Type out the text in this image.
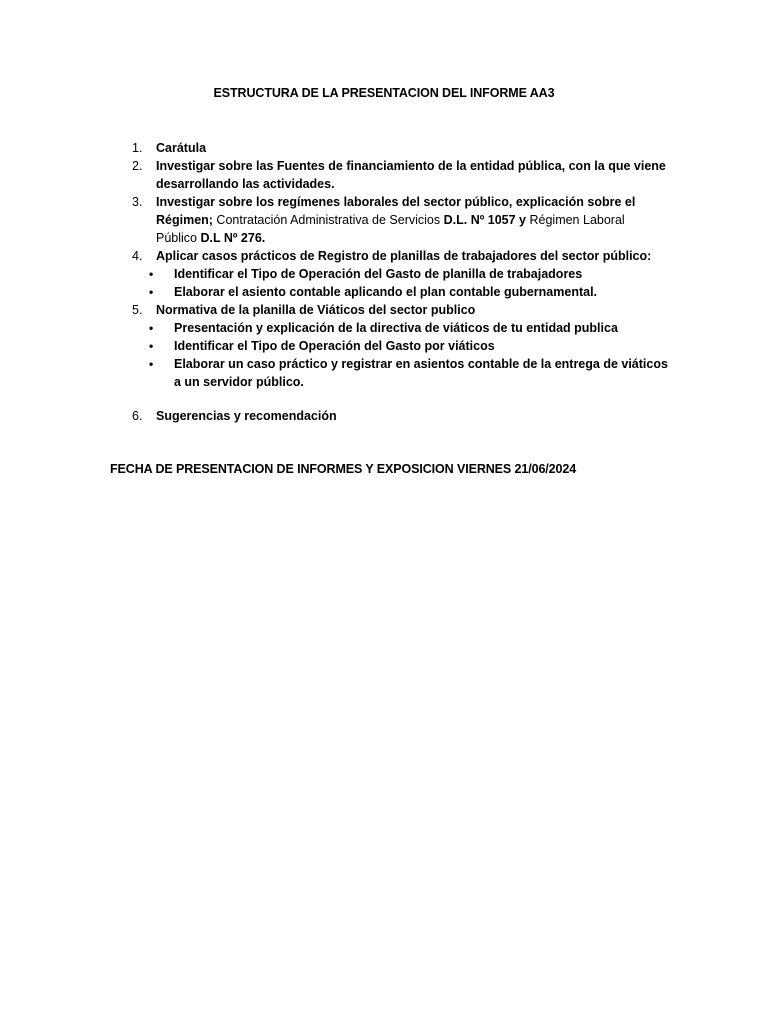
ESTRUCTURA DE LA PRESENTACION DEL INFORME AA3
1. Carátula
2. Investigar sobre las Fuentes de financiamiento de la entidad pública, con la que viene desarrollando las actividades.
3. Investigar sobre los regímenes laborales del sector público, explicación sobre el Régimen; Contratación Administrativa de Servicios D.L. Nº 1057 y Régimen Laboral Público D.L Nº 276.
4. Aplicar casos prácticos de Registro de planillas de trabajadores del sector público:
• Identificar el Tipo de Operación del Gasto de planilla de trabajadores
• Elaborar el asiento contable aplicando el plan contable gubernamental.
5. Normativa de la planilla de Viáticos del sector publico
• Presentación y explicación de la directiva de viáticos de tu entidad publica
• Identificar el Tipo de Operación del Gasto por viáticos
• Elaborar un caso práctico y registrar en asientos contable de la entrega de viáticos a un servidor público.
6. Sugerencias y recomendación
FECHA DE PRESENTACION DE INFORMES Y EXPOSICION VIERNES 21/06/2024
